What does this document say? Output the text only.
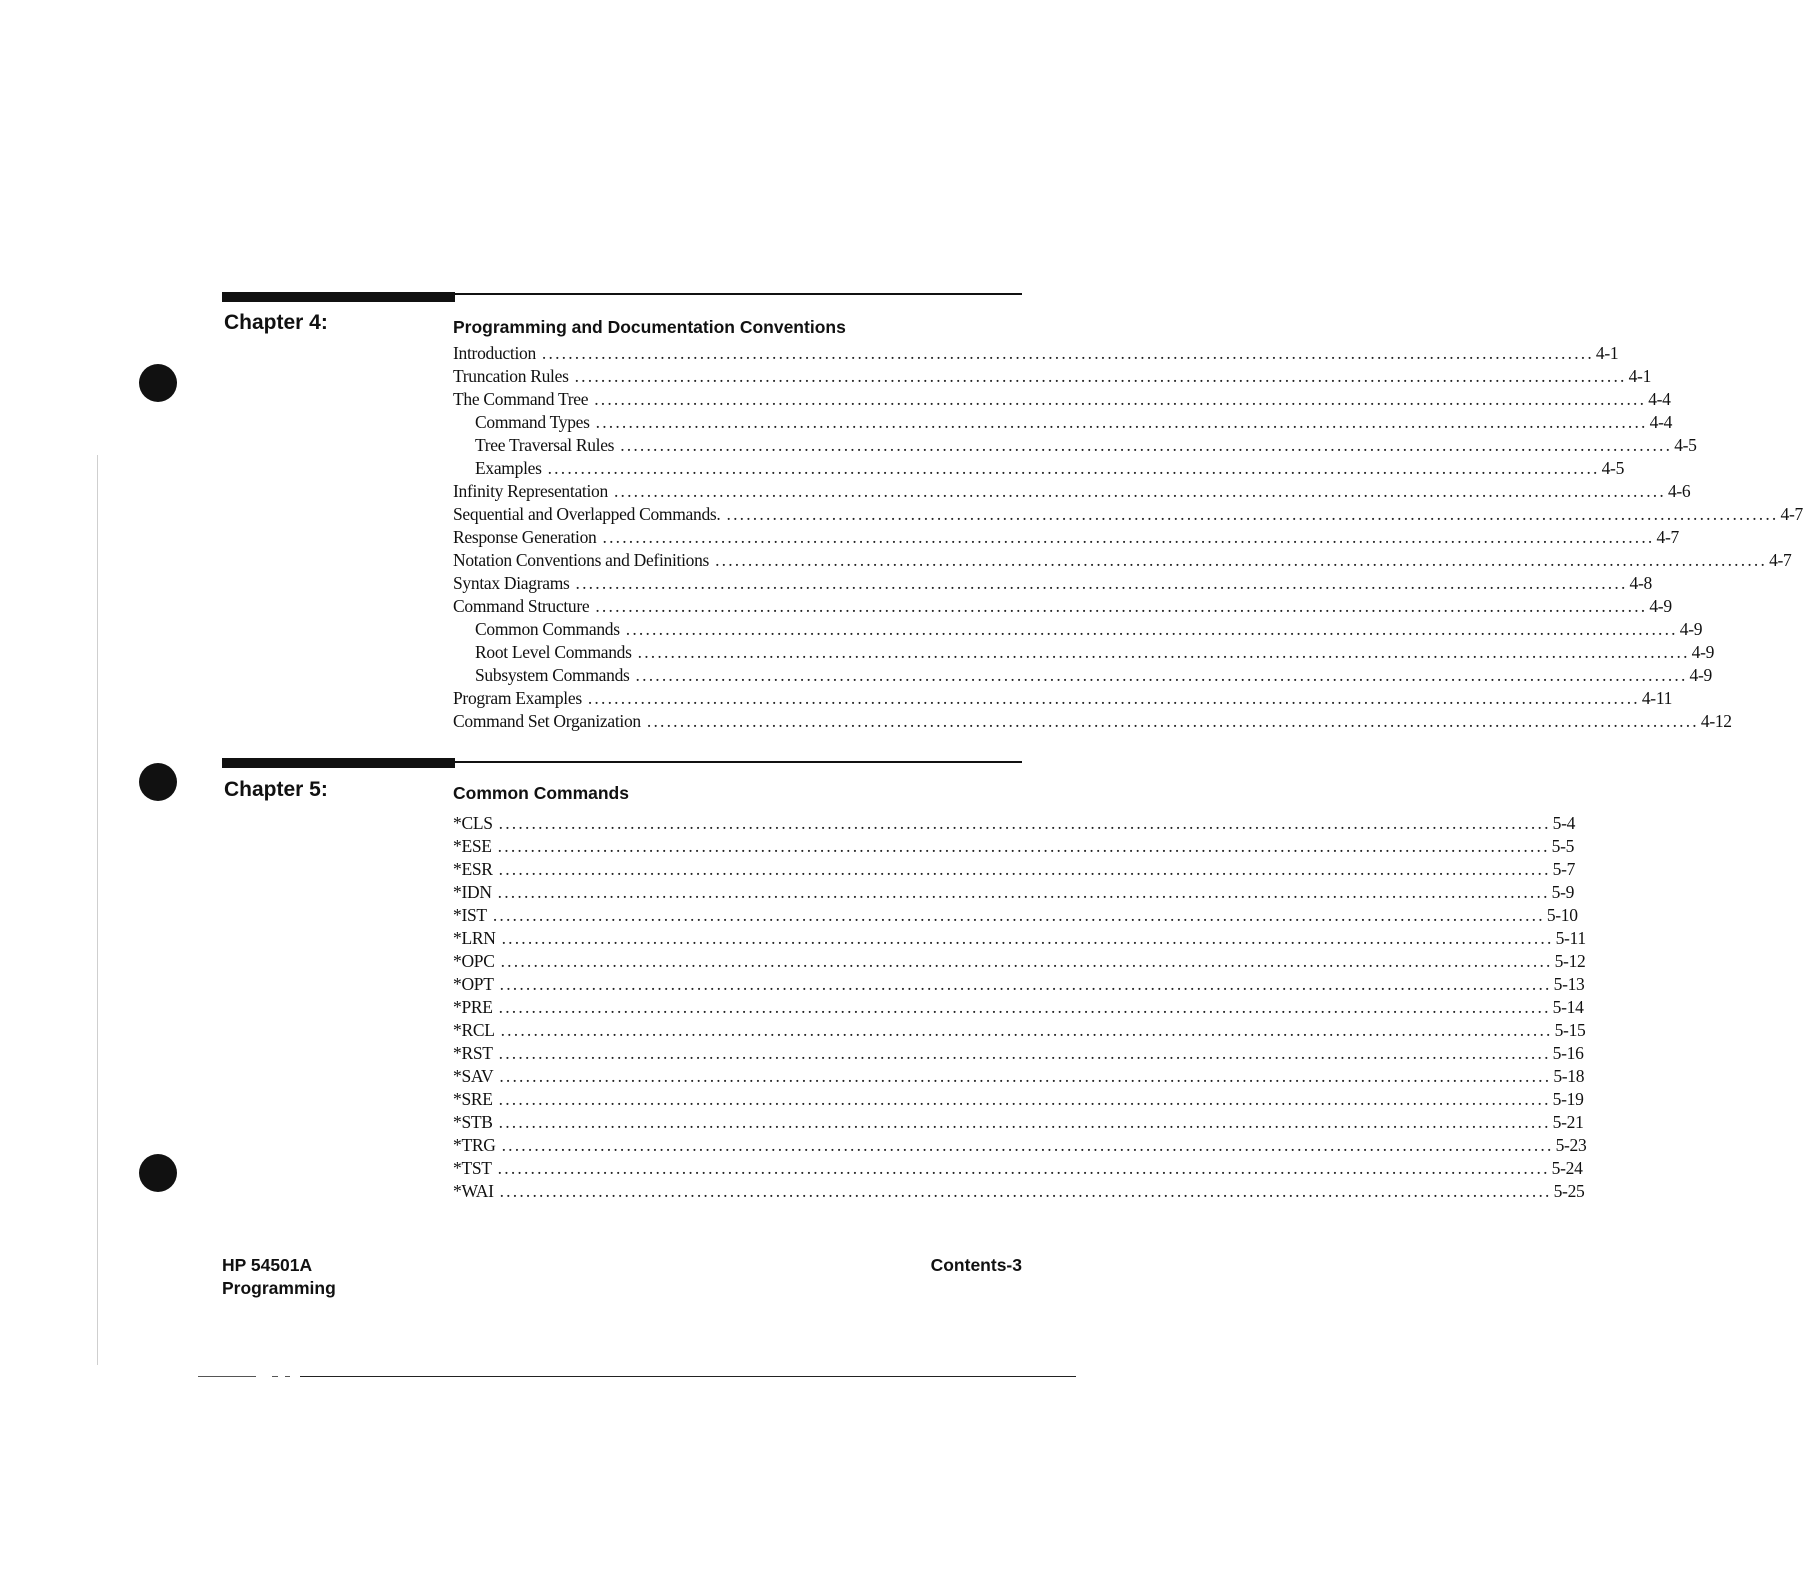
Chapter 4:	Programming and Documentation Conventions
Introduction ................................................................................................................................................................ 4-1
Truncation Rules ................................................................................................................................................................ 4-1
The Command Tree ................................................................................................................................................................ 4-4
Command Types ................................................................................................................................................................ 4-4
Tree Traversal Rules ................................................................................................................................................................ 4-5
Examples ................................................................................................................................................................ 4-5
Infinity Representation ................................................................................................................................................................ 4-6
Sequential and Overlapped Commands. ................................................................................................................................................................ 4-7
Response Generation ................................................................................................................................................................ 4-7
Notation Conventions and Definitions ................................................................................................................................................................ 4-7
Syntax Diagrams ................................................................................................................................................................ 4-8
Command Structure ................................................................................................................................................................ 4-9
Common Commands ................................................................................................................................................................ 4-9
Root Level Commands ................................................................................................................................................................ 4-9
Subsystem Commands ................................................................................................................................................................ 4-9
Program Examples ................................................................................................................................................................ 4-11
Command Set Organization ................................................................................................................................................................ 4-12
Chapter 5:	Common Commands
*CLS ................................................................................................................................................................ 5-4
*ESE ................................................................................................................................................................ 5-5
*ESR ................................................................................................................................................................ 5-7
*IDN ................................................................................................................................................................ 5-9
*IST ................................................................................................................................................................ 5-10
*LRN ................................................................................................................................................................ 5-11
*OPC ................................................................................................................................................................ 5-12
*OPT ................................................................................................................................................................ 5-13
*PRE ................................................................................................................................................................ 5-14
*RCL ................................................................................................................................................................ 5-15
*RST ................................................................................................................................................................ 5-16
*SAV ................................................................................................................................................................ 5-18
*SRE ................................................................................................................................................................ 5-19
*STB ................................................................................................................................................................ 5-21
*TRG ................................................................................................................................................................ 5-23
*TST ................................................................................................................................................................ 5-24
*WAI ................................................................................................................................................................ 5-25
HP 54501A
Programming
Contents-3
